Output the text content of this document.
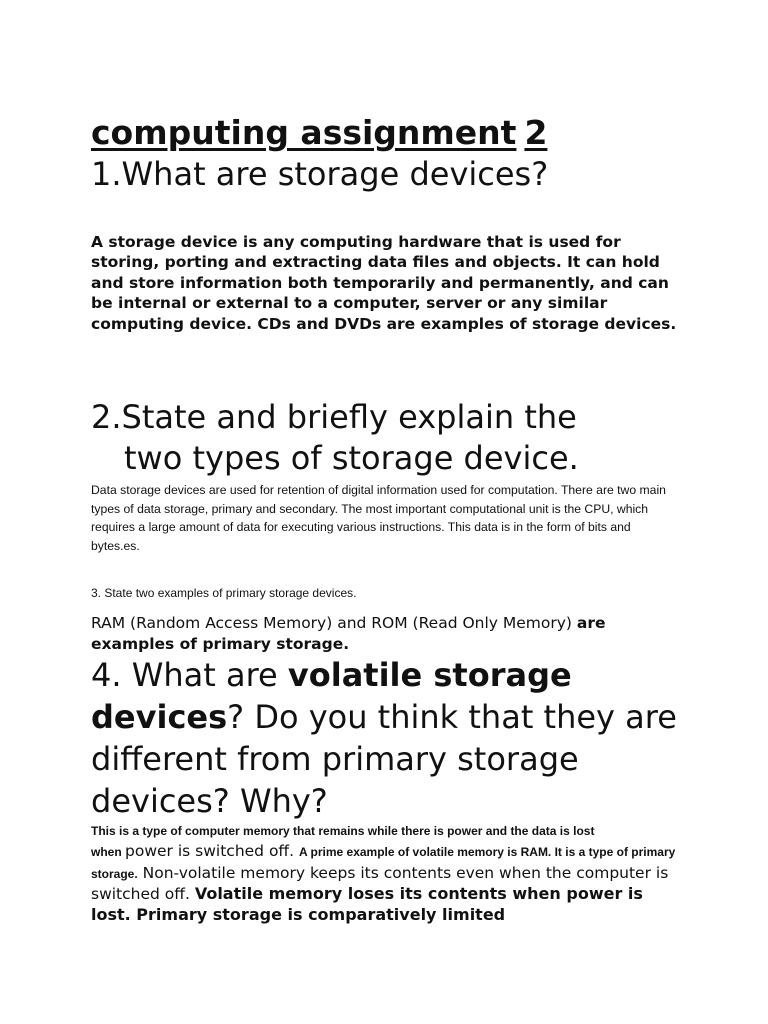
computing assignment 2
1.What are storage devices?

A storage device is any computing hardware that is used for storing, porting and extracting data files and objects. It can hold and store information both temporarily and permanently, and can be internal or external to a computer, server or any similar computing device. CDs and DVDs are examples of storage devices.

2.State and briefly explain the
two types of storage device.

Data storage devices are used for retention of digital information used for computation. There are two main types of data storage, primary and secondary. The most important computational unit is the CPU, which requires a large amount of data for executing various instructions. This data is in the form of bits and bytes.es.

3. State two examples of primary storage devices.

RAM (Random Access Memory) and ROM (Read Only Memory) are examples of primary storage.

4. What are volatile storage devices? Do you think that they are different from primary storage devices? Why?

This is a type of computer memory that remains while there is power and the data is lost
when power is switched off. A prime example of volatile memory is RAM. It is a type of primary storage. Non-volatile memory keeps its contents even when the computer is switched off. Volatile memory loses its contents when power is lost. Primary storage is comparatively limited
